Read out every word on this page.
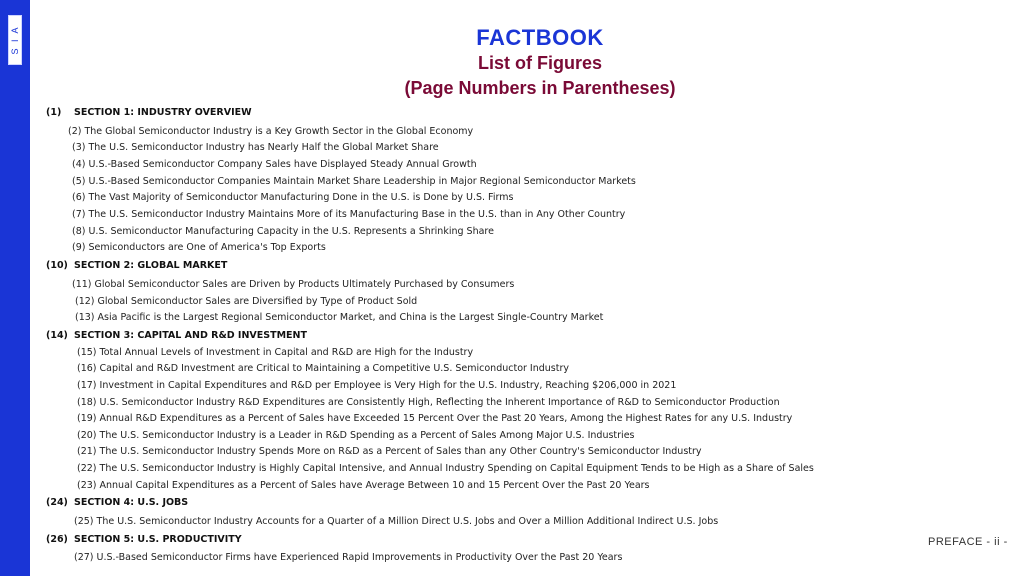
S I A	FACTBOOK
List of Figures
(Page Numbers in Parentheses)
(1) SECTION 1: INDUSTRY OVERVIEW
(2) The Global Semiconductor Industry is a Key Growth Sector in the Global Economy
(3) The U.S. Semiconductor Industry has Nearly Half the Global Market Share
(4) U.S.-Based Semiconductor Company Sales have Displayed Steady Annual Growth
(5) U.S.-Based Semiconductor Companies Maintain Market Share Leadership in Major Regional Semiconductor Markets
(6) The Vast Majority of Semiconductor Manufacturing Done in the U.S. is Done by U.S. Firms
(7) The U.S. Semiconductor Industry Maintains More of its Manufacturing Base in the U.S. than in Any Other Country
(8) U.S. Semiconductor Manufacturing Capacity in the U.S. Represents a Shrinking Share
(9) Semiconductors are One of America's Top Exports
(10) SECTION 2: GLOBAL MARKET
(11) Global Semiconductor Sales are Driven by Products Ultimately Purchased by Consumers
(12) Global Semiconductor Sales are Diversified by Type of Product Sold
(13) Asia Pacific is the Largest Regional Semiconductor Market, and China is the Largest Single-Country Market
(14) SECTION 3: CAPITAL AND R&D INVESTMENT
(15) Total Annual Levels of Investment in Capital and R&D are High for the Industry
(16) Capital and R&D Investment are Critical to Maintaining a Competitive U.S. Semiconductor Industry
(17) Investment in Capital Expenditures and R&D per Employee is Very High for the U.S. Industry, Reaching $206,000 in 2021
(18) U.S. Semiconductor Industry R&D Expenditures are Consistently High, Reflecting the Inherent Importance of R&D to Semiconductor Production
(19) Annual R&D Expenditures as a Percent of Sales have Exceeded 15 Percent Over the Past 20 Years, Among the Highest Rates for any U.S. Industry
(20) The U.S. Semiconductor Industry is a Leader in R&D Spending as a Percent of Sales Among Major U.S. Industries
(21) The U.S. Semiconductor Industry Spends More on R&D as a Percent of Sales than any Other Country's Semiconductor Industry
(22) The U.S. Semiconductor Industry is Highly Capital Intensive, and Annual Industry Spending on Capital Equipment Tends to be High as a Share of Sales
(23) Annual Capital Expenditures as a Percent of Sales have Average Between 10 and 15 Percent Over the Past 20 Years
(24) SECTION 4: U.S. JOBS
(25) The U.S. Semiconductor Industry Accounts for a Quarter of a Million Direct U.S. Jobs and Over a Million Additional Indirect U.S. Jobs
(26) SECTION 5: U.S. PRODUCTIVITY
(27) U.S.-Based Semiconductor Firms have Experienced Rapid Improvements in Productivity Over the Past 20 Years
PREFACE - ii -
